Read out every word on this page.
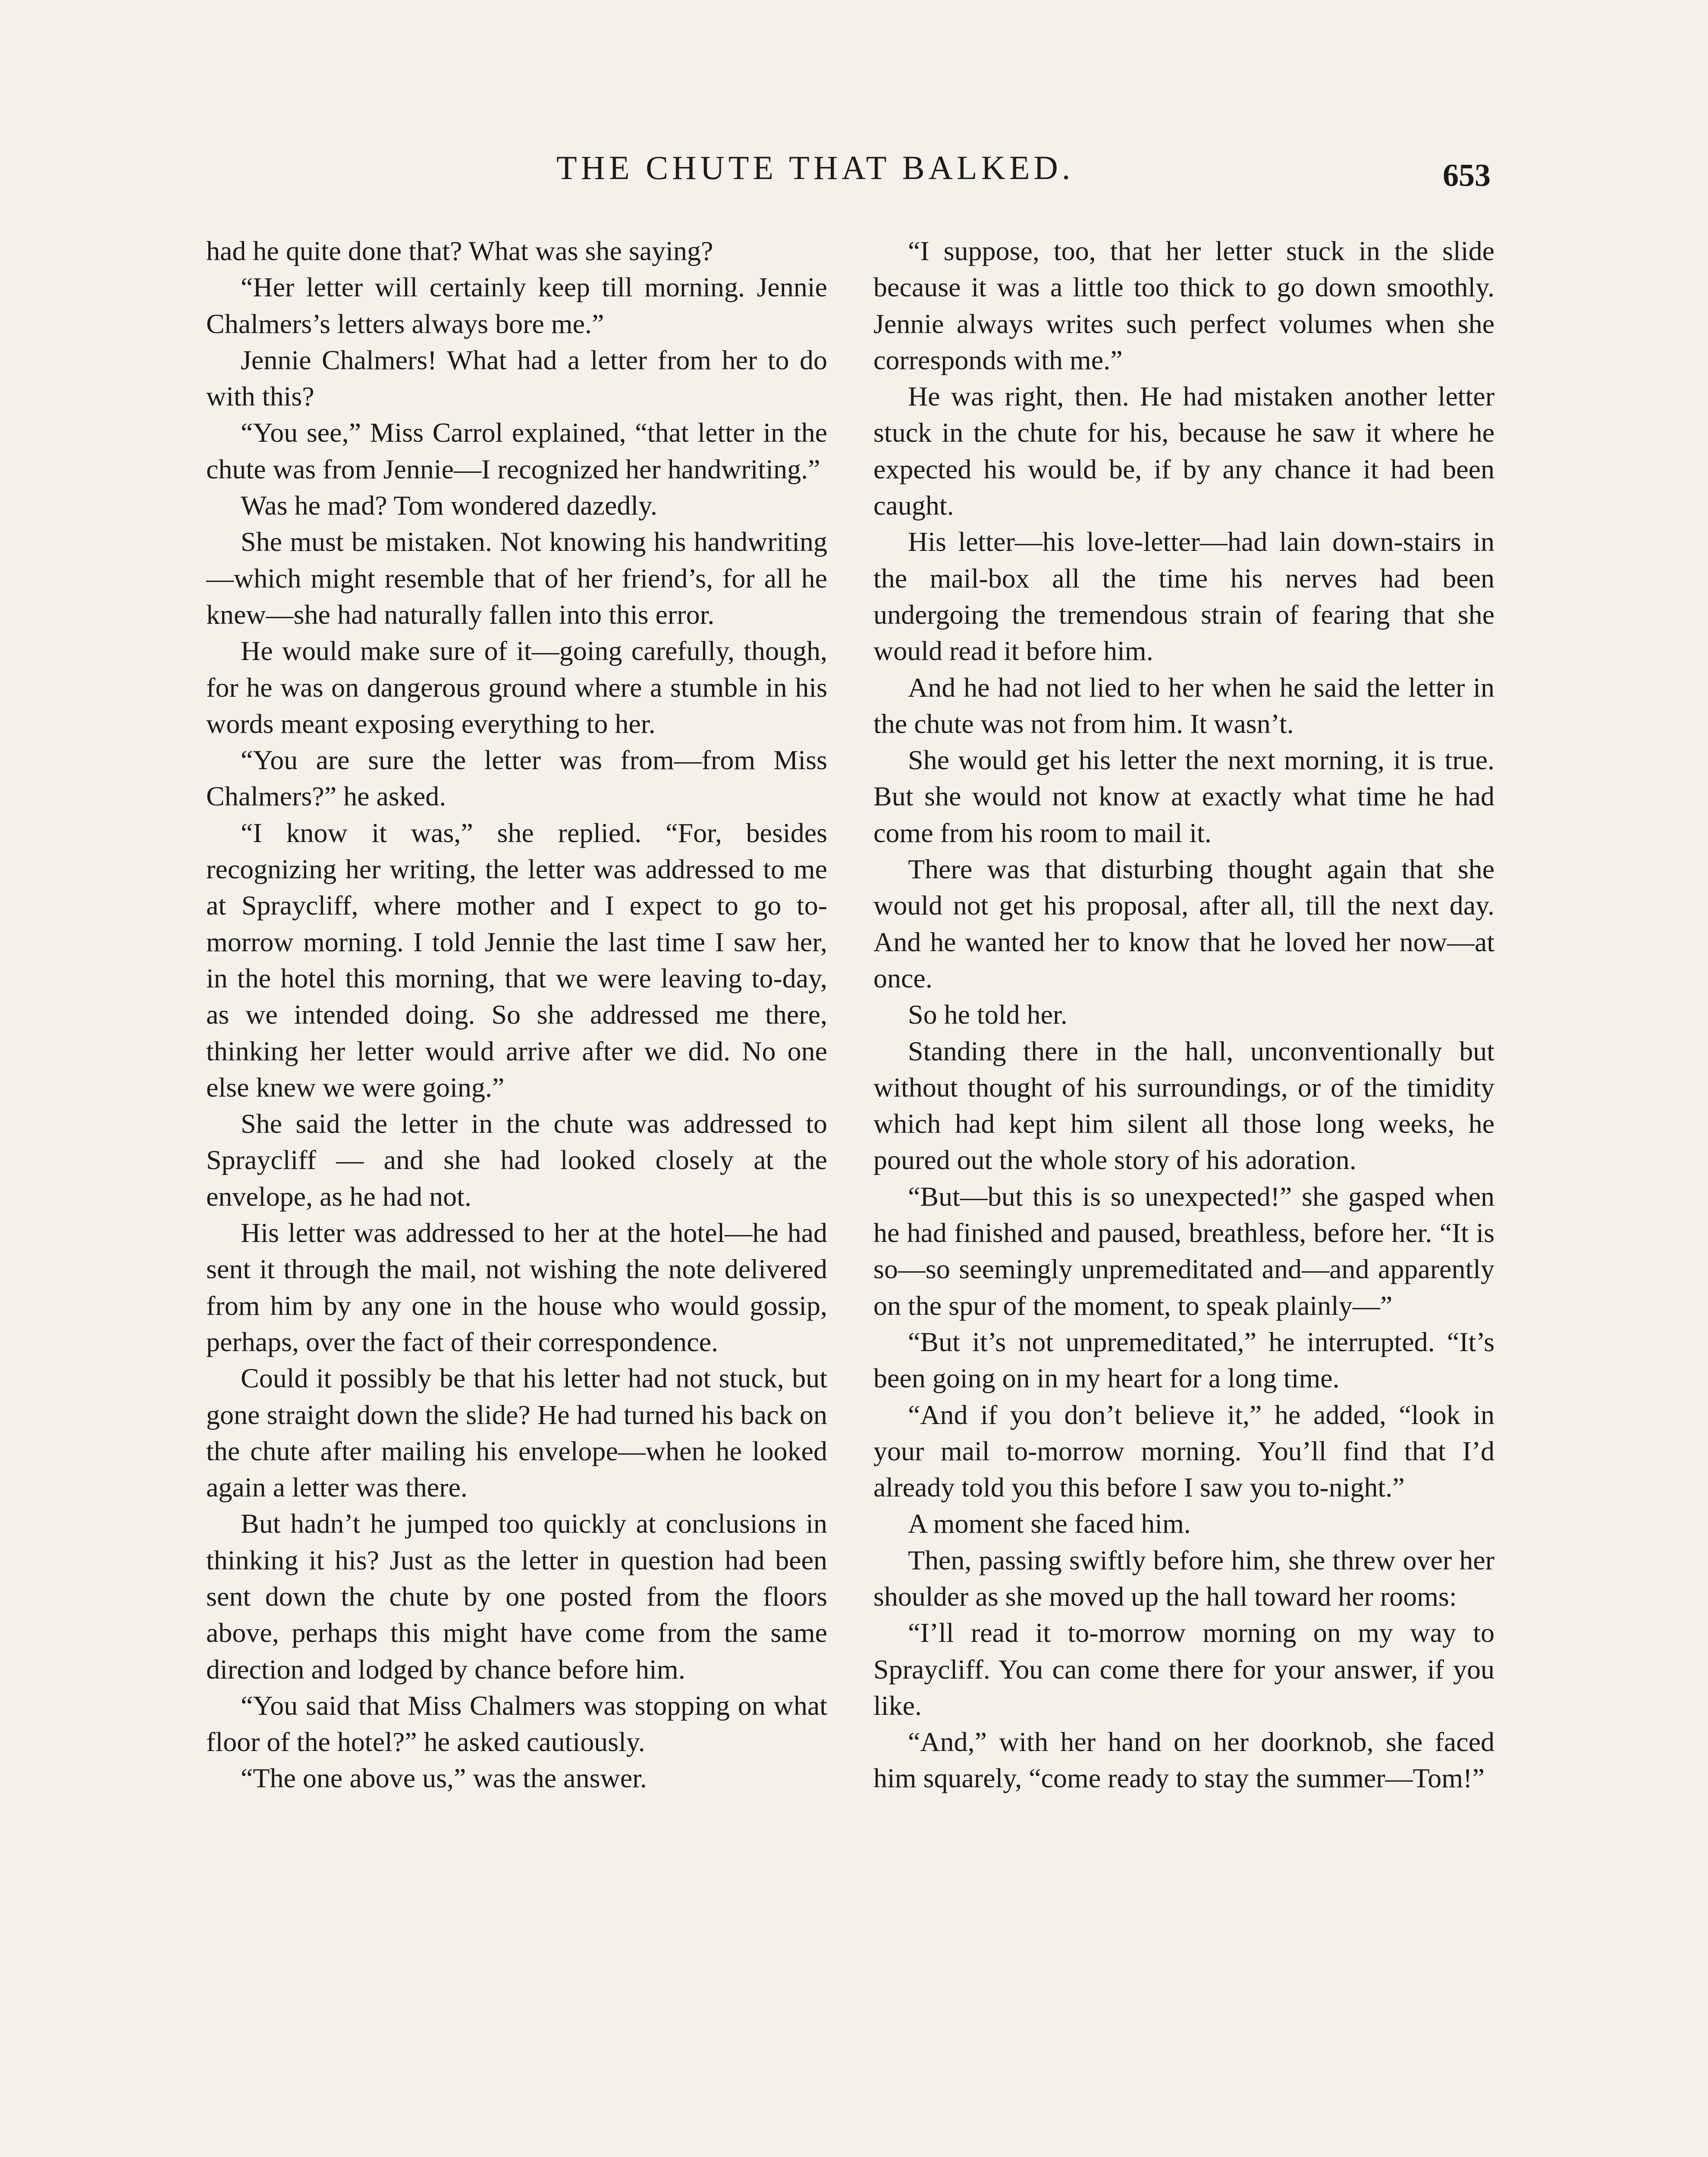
THE CHUTE THAT BALKED.	653

had he quite done that? What was she saying?

“Her letter will certainly keep till morning. Jennie Chalmers’s letters always bore me.”

Jennie Chalmers! What had a letter from her to do with this?

“You see,” Miss Carrol explained, “that letter in the chute was from Jennie—I recognized her handwriting.”

Was he mad? Tom wondered dazedly.

She must be mistaken. Not knowing his handwriting—which might resemble that of her friend’s, for all he knew—she had naturally fallen into this error.

He would make sure of it—going carefully, though, for he was on dangerous ground where a stumble in his words meant exposing everything to her.

“You are sure the letter was from—from Miss Chalmers?” he asked.

“I know it was,” she replied. “For, besides recognizing her writing, the letter was addressed to me at Spraycliff, where mother and I expect to go to-morrow morning. I told Jennie the last time I saw her, in the hotel this morning, that we were leaving to-day, as we intended doing. So she addressed me there, thinking her letter would arrive after we did. No one else knew we were going.”

She said the letter in the chute was addressed to Spraycliff — and she had looked closely at the envelope, as he had not.

His letter was addressed to her at the hotel—he had sent it through the mail, not wishing the note delivered from him by any one in the house who would gossip, perhaps, over the fact of their correspondence.

Could it possibly be that his letter had not stuck, but gone straight down the slide? He had turned his back on the chute after mailing his envelope—when he looked again a letter was there.

But hadn’t he jumped too quickly at conclusions in thinking it his? Just as the letter in question had been sent down the chute by one posted from the floors above, perhaps this might have come from the same direction and lodged by chance before him.

“You said that Miss Chalmers was stopping on what floor of the hotel?” he asked cautiously.

“The one above us,” was the answer.

“I suppose, too, that her letter stuck in the slide because it was a little too thick to go down smoothly. Jennie always writes such perfect volumes when she corresponds with me.”

He was right, then. He had mistaken another letter stuck in the chute for his, because he saw it where he expected his would be, if by any chance it had been caught.

His letter—his love-letter—had lain down-stairs in the mail-box all the time his nerves had been undergoing the tremendous strain of fearing that she would read it before him.

And he had not lied to her when he said the letter in the chute was not from him. It wasn’t.

She would get his letter the next morning, it is true. But she would not know at exactly what time he had come from his room to mail it.

There was that disturbing thought again that she would not get his proposal, after all, till the next day. And he wanted her to know that he loved her now—at once.

So he told her.

Standing there in the hall, unconventionally but without thought of his surroundings, or of the timidity which had kept him silent all those long weeks, he poured out the whole story of his adoration.

“But—but this is so unexpected!” she gasped when he had finished and paused, breathless, before her. “It is so—so seemingly unpremeditated and—and apparently on the spur of the moment, to speak plainly—”

“But it’s not unpremeditated,” he interrupted. “It’s been going on in my heart for a long time.

“And if you don’t believe it,” he added, “look in your mail to-morrow morning. You’ll find that I’d already told you this before I saw you to-night.”

A moment she faced him.

Then, passing swiftly before him, she threw over her shoulder as she moved up the hall toward her rooms:

“I’ll read it to-morrow morning on my way to Spraycliff. You can come there for your answer, if you like.

“And,” with her hand on her doorknob, she faced him squarely, “come ready to stay the summer—Tom!”
